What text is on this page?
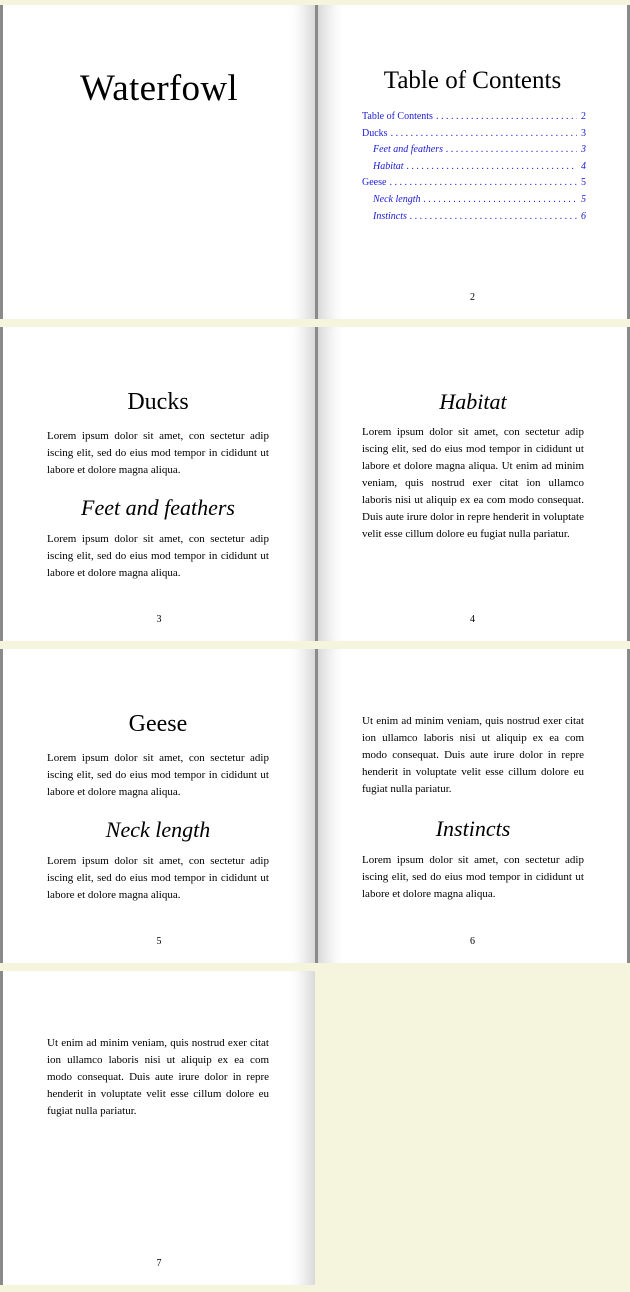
Waterfowl	Table of Contents
Table of Contents . . .	2
Ducks . . .	3
Feet and feathers . . .	3
Habitat . . .	4
Geese . . .	5
Neck length . . .	5
Instincts . . .	6
2
Ducks

Lorem ipsum dolor sit amet, con sectetur adip iscing elit, sed do eius mod tempor in cididunt ut labore et dolore magna aliqua.

Feet and feathers

Lorem ipsum dolor sit amet, con sectetur adip iscing elit, sed do eius mod tempor in cididunt ut labore et dolore magna aliqua.

3
Habitat

Lorem ipsum dolor sit amet, con sectetur adip iscing elit, sed do eius mod tempor in cididunt ut labore et dolore magna aliqua. Ut enim ad minim veniam, quis nostrud exer citat ion ullamco laboris nisi ut aliquip ex ea com modo consequat. Duis aute irure dolor in repre henderit in voluptate velit esse cillum dolore eu fugiat nulla pariatur.

4
Geese

Lorem ipsum dolor sit amet, con sectetur adip iscing elit, sed do eius mod tempor in cididunt ut labore et dolore magna aliqua.

Neck length

Lorem ipsum dolor sit amet, con sectetur adip iscing elit, sed do eius mod tempor in cididunt ut labore et dolore magna aliqua.

5

Ut enim ad minim veniam, quis nostrud exer citat ion ullamco laboris nisi ut aliquip ex ea com modo consequat. Duis aute irure dolor in repre henderit in voluptate velit esse cillum dolore eu fugiat nulla pariatur.

Instincts

Lorem ipsum dolor sit amet, con sectetur adip iscing elit, sed do eius mod tempor in cididunt ut labore et dolore magna aliqua.

6

Ut enim ad minim veniam, quis nostrud exer citat ion ullamco laboris nisi ut aliquip ex ea com modo consequat. Duis aute irure dolor in repre henderit in voluptate velit esse cillum dolore eu fugiat nulla pariatur.

7
